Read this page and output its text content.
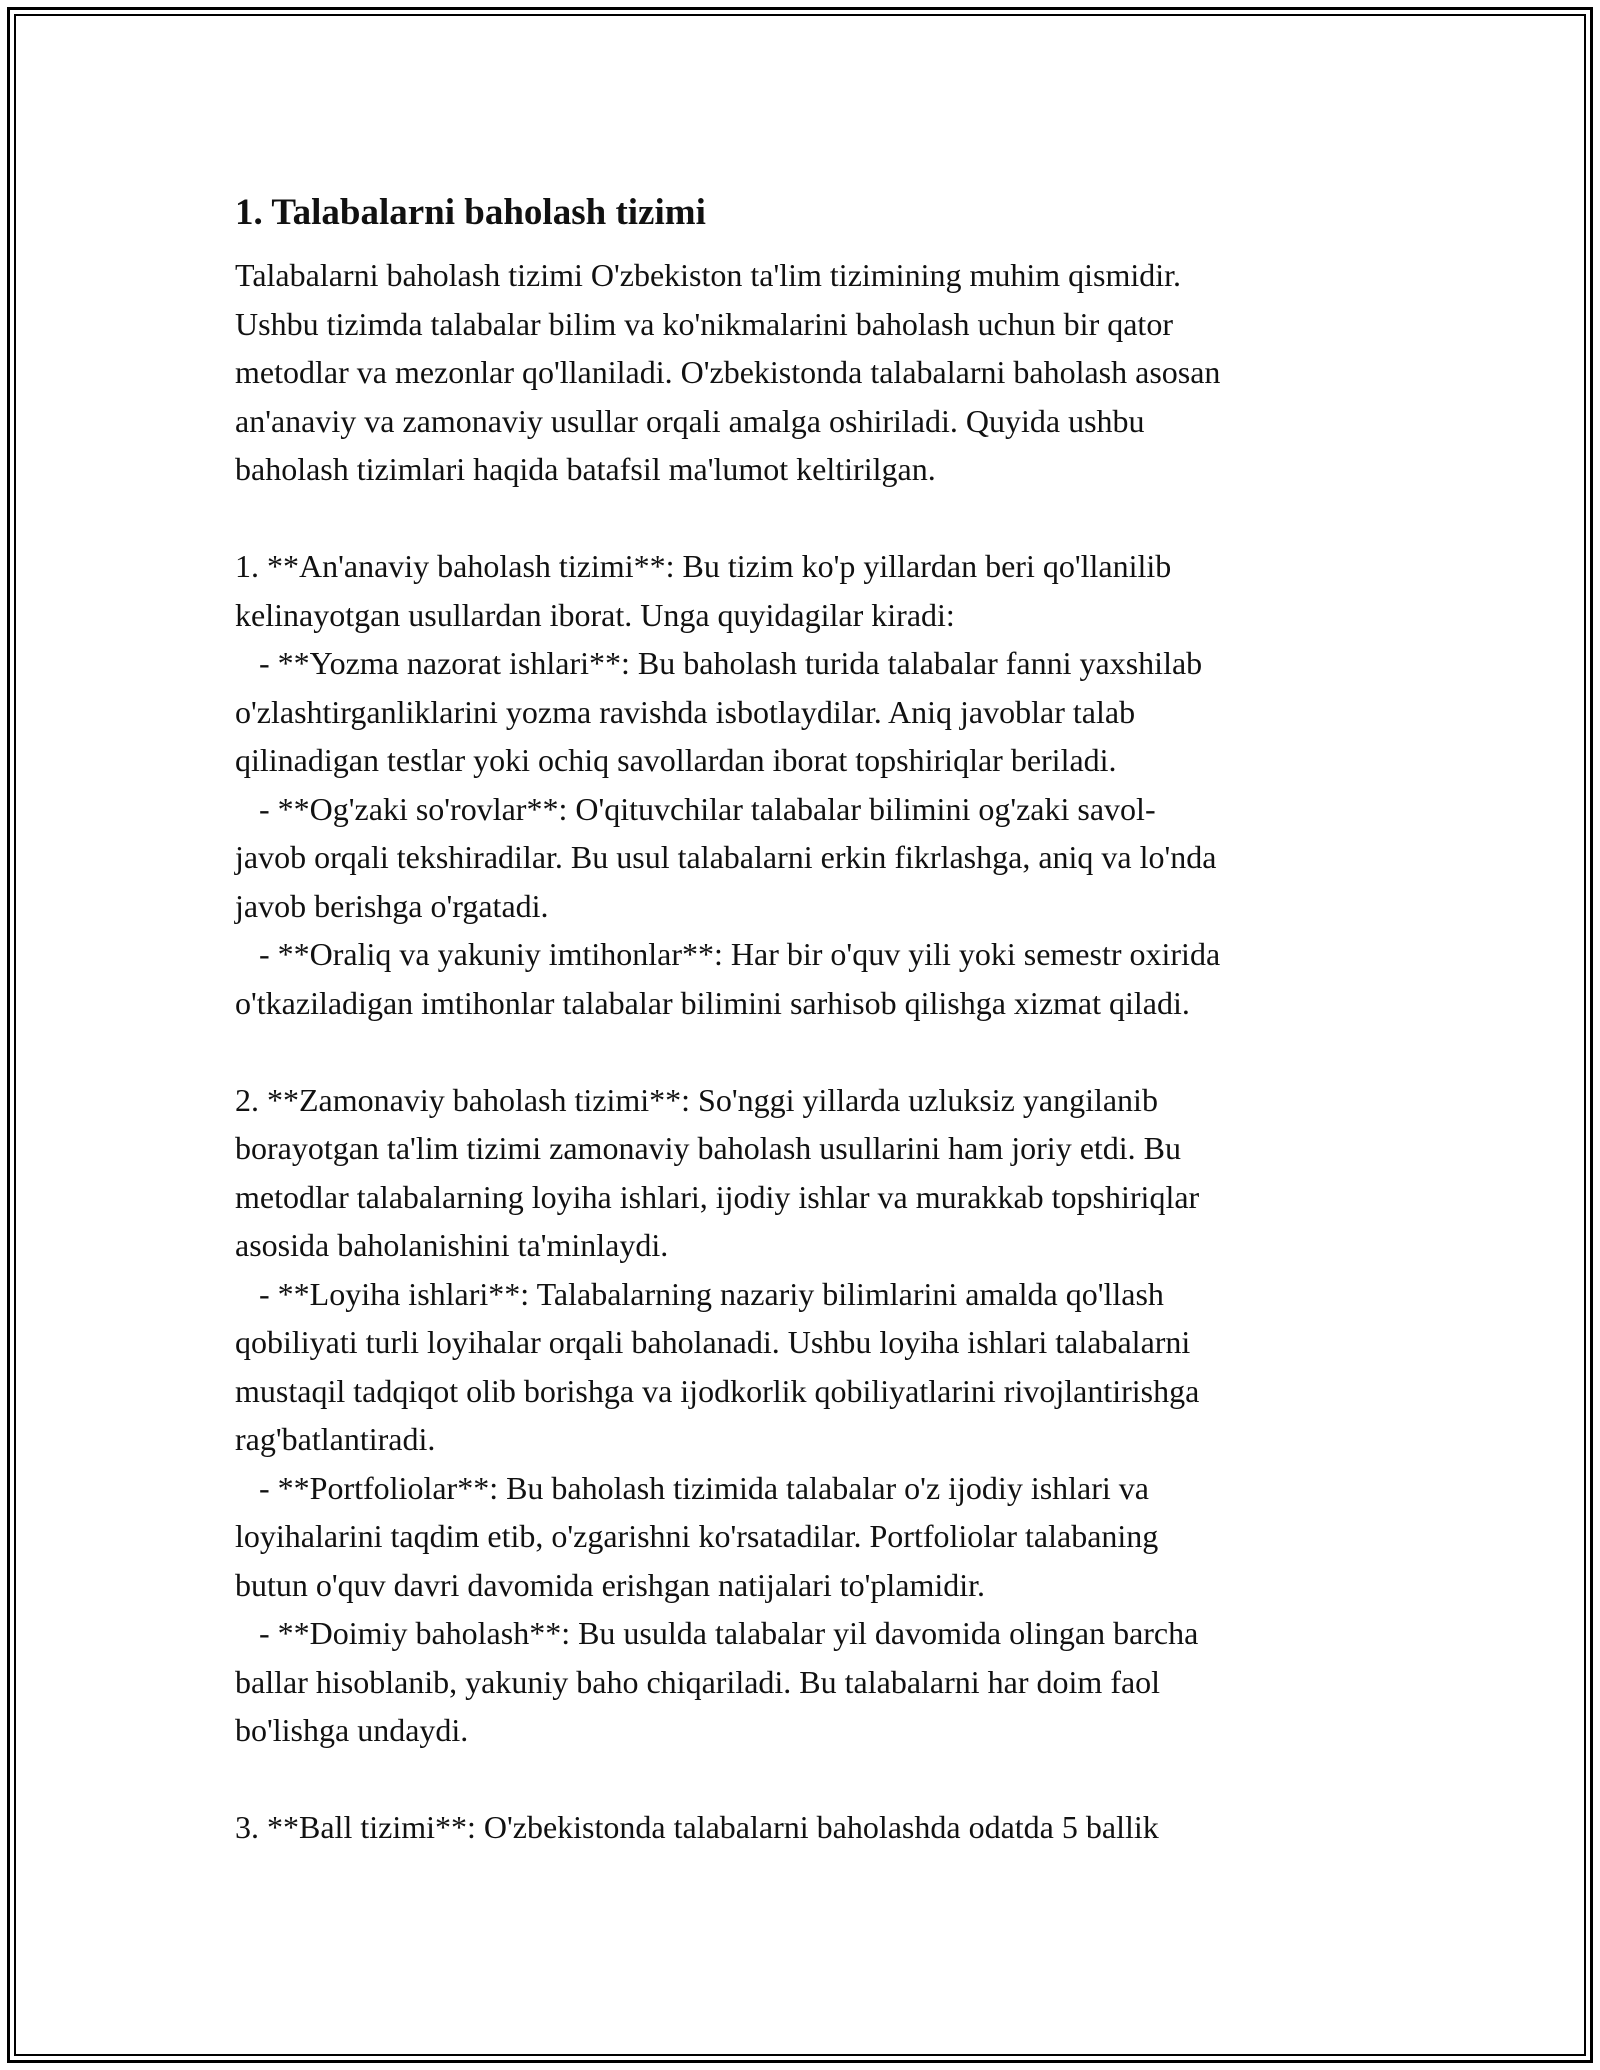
1. Talabalarni baholash tizimi
Talabalarni baholash tizimi O'zbekiston ta'lim tizimining muhim qismidir.
Ushbu tizimda talabalar bilim va ko'nikmalarini baholash uchun bir qator
metodlar va mezonlar qo'llaniladi. O'zbekistonda talabalarni baholash asosan
an'anaviy va zamonaviy usullar orqali amalga oshiriladi. Quyida ushbu
baholash tizimlari haqida batafsil ma'lumot keltirilgan.
1. **An'anaviy baholash tizimi**: Bu tizim ko'p yillardan beri qo'llanilib
kelinayotgan usullardan iborat. Unga quyidagilar kiradi:
- **Yozma nazorat ishlari**: Bu baholash turida talabalar fanni yaxshilab
o'zlashtirganliklarini yozma ravishda isbotlaydilar. Aniq javoblar talab
qilinadigan testlar yoki ochiq savollardan iborat topshiriqlar beriladi.
- **Og'zaki so'rovlar**: O'qituvchilar talabalar bilimini og'zaki savol-
javob orqali tekshiradilar. Bu usul talabalarni erkin fikrlashga, aniq va lo'nda
javob berishga o'rgatadi.
- **Oraliq va yakuniy imtihonlar**: Har bir o'quv yili yoki semestr oxirida
o'tkaziladigan imtihonlar talabalar bilimini sarhisob qilishga xizmat qiladi.
2. **Zamonaviy baholash tizimi**: So'nggi yillarda uzluksiz yangilanib
borayotgan ta'lim tizimi zamonaviy baholash usullarini ham joriy etdi. Bu
metodlar talabalarning loyiha ishlari, ijodiy ishlar va murakkab topshiriqlar
asosida baholanishini ta'minlaydi.
- **Loyiha ishlari**: Talabalarning nazariy bilimlarini amalda qo'llash
qobiliyati turli loyihalar orqali baholanadi. Ushbu loyiha ishlari talabalarni
mustaqil tadqiqot olib borishga va ijodkorlik qobiliyatlarini rivojlantirishga
rag'batlantiradi.
- **Portfoliolar**: Bu baholash tizimida talabalar o'z ijodiy ishlari va
loyihalarini taqdim etib, o'zgarishni ko'rsatadilar. Portfoliolar talabaning
butun o'quv davri davomida erishgan natijalari to'plamidir.
- **Doimiy baholash**: Bu usulda talabalar yil davomida olingan barcha
ballar hisoblanib, yakuniy baho chiqariladi. Bu talabalarni har doim faol
bo'lishga undaydi.
3. **Ball tizimi**: O'zbekistonda talabalarni baholashda odatda 5 ballik
